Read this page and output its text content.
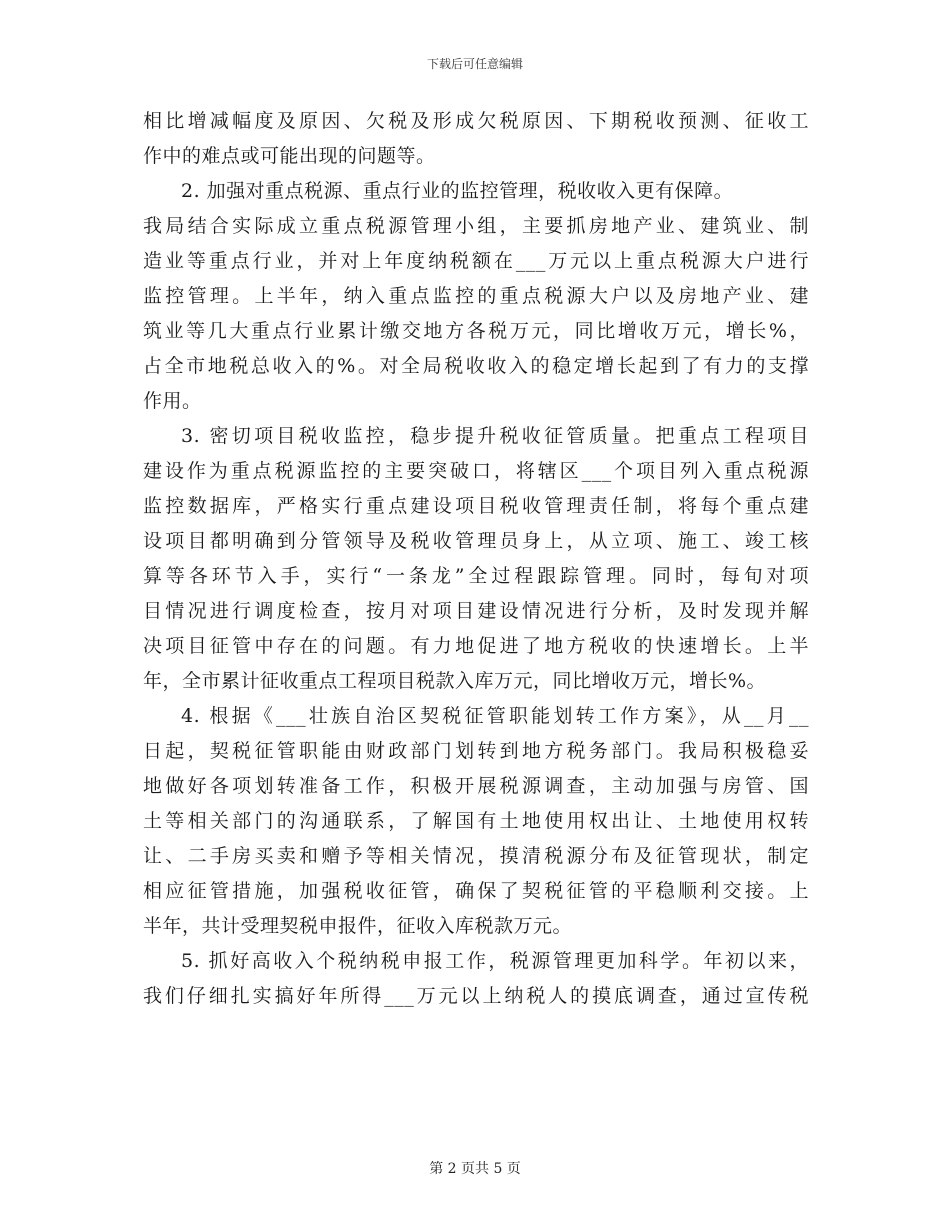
下载后可任意编辑
相比增减幅度及原因、欠税及形成欠税原因、下期税收预测、征收工
作中的难点或可能出现的问题等。
2. 加强对重点税源、重点行业的监控管理，税收收入更有保障。
我局结合实际成立重点税源管理小组，主要抓房地产业、建筑业、制
造业等重点行业，并对上年度纳税额在___万元以上重点税源大户进行
监控管理。上半年，纳入重点监控的重点税源大户以及房地产业、建
筑业等几大重点行业累计缴交地方各税万元，同比增收万元，增长%，
占全市地税总收入的%。对全局税收收入的稳定增长起到了有力的支撑
作用。
3. 密切项目税收监控，稳步提升税收征管质量。把重点工程项目
建设作为重点税源监控的主要突破口，将辖区___个项目列入重点税源
监控数据库，严格实行重点建设项目税收管理责任制，将每个重点建
设项目都明确到分管领导及税收管理员身上，从立项、施工、竣工核
算等各环节入手，实行“一条龙”全过程跟踪管理。同时，每旬对项
目情况进行调度检查，按月对项目建设情况进行分析，及时发现并解
决项目征管中存在的问题。有力地促进了地方税收的快速增长。上半
年，全市累计征收重点工程项目税款入库万元，同比增收万元，增长%。
4. 根据《___壮族自治区契税征管职能划转工作方案》，从__月__
日起，契税征管职能由财政部门划转到地方税务部门。我局积极稳妥
地做好各项划转准备工作，积极开展税源调查，主动加强与房管、国
土等相关部门的沟通联系，了解国有土地使用权出让、土地使用权转
让、二手房买卖和赠予等相关情况，摸清税源分布及征管现状，制定
相应征管措施，加强税收征管，确保了契税征管的平稳顺利交接。上
半年，共计受理契税申报件，征收入库税款万元。
5. 抓好高收入个税纳税申报工作，税源管理更加科学。年初以来，
我们仔细扎实搞好年所得___万元以上纳税人的摸底调查，通过宣传税
第 2 页共 5 页
